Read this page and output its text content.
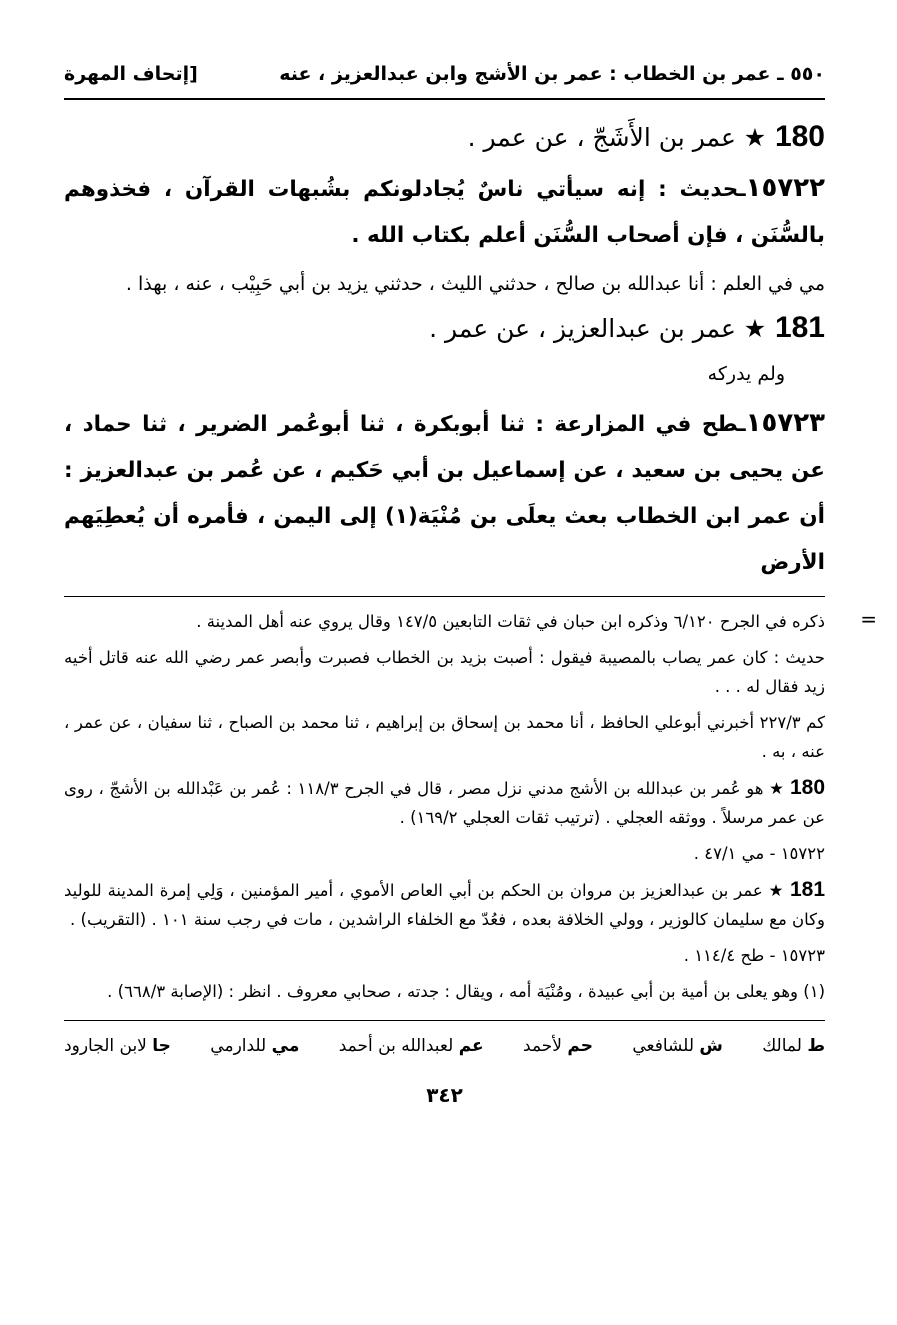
٥٥٠ ـ عمر بن الخطاب : عمر بن الأشج وابن عبدالعزيز ، عنه
[إتحاف المهرة
180 ★ عمر بن الأَشَجّ ، عن عمر .

١٥٧٢٢ـحديث : إنه سيأتي ناسٌ يُجادلونكم بشُبهات القرآن ، فخذوهم بالسُّنَن ، فإن أصحاب السُّنَن أعلم بكتاب الله .

مي في العلم : أنا عبدالله بن صالح ، حدثني الليث ، حدثني يزيد بن أبي حَبِيْب ، عنه ، بهذا .

181 ★ عمر بن عبدالعزيز ، عن عمر .

ولم يدركه

١٥٧٢٣ـطح في المزارعة : ثنا أبوبكرة ، ثنا أبوعُمر الضرير ، ثنا حماد ، عن يحيى بن سعيد ، عن إسماعيل بن أبي حَكيم ، عن عُمر بن عبدالعزيز : أن عمر ابن الخطاب بعث يعلَى بن مُنْيَة(١) إلى اليمن ، فأمره أن يُعطِيَهم الأرض

=

ذكره في الجرح ٦/١٢٠ وذكره ابن حبان في ثقات التابعين ١٤٧/٥ وقال يروي عنه أهل المدينة .

حديث : كان عمر يصاب بالمصيبة فيقول : أصبت بزيد بن الخطاب فصبرت وأبصر عمر رضي الله عنه قاتل أخيه زيد فقال له . . .

كم ٢٢٧/٣ أخبرني أبوعلي الحافظ ، أنا محمد بن إسحاق بن إبراهيم ، ثنا محمد بن الصباح ، ثنا سفيان ، عن عمر ، عنه ، به .

180 ★ هو عُمر بن عبدالله بن الأشج مدني نزل مصر ، قال في الجرح ١١٨/٣ : عُمر بن عَبْدالله بن الأشجّ ، روى عن عمر مرسلاً . ووثقه العجلي . (ترتيب ثقات العجلي ١٦٩/٢) .

١٥٧٢٢ - مي ٤٧/١ .

181 ★ عمر بن عبدالعزيز بن مروان بن الحكم بن أبي العاص الأموي ، أمير المؤمنين ، وَلِي إمرة المدينة للوليد وكان مع سليمان كالوزير ، وولي الخلافة بعده ، فعُدّ مع الخلفاء الراشدين ، مات في رجب سنة ١٠١ . (التقريب) .

١٥٧٢٣ - طح ١١٤/٤ .

(١) وهو يعلى بن أمية بن أبي عبيدة ، ومُنْيَة أمه ، ويقال : جدته ، صحابي معروف . انظر : (الإصابة ٦٦٨/٣) .

ط لمالك
ش للشافعي
حم لأحمد
عم لعبدالله بن أحمد
مي للدارمي
جا لابن الجارود
٣٤٢
